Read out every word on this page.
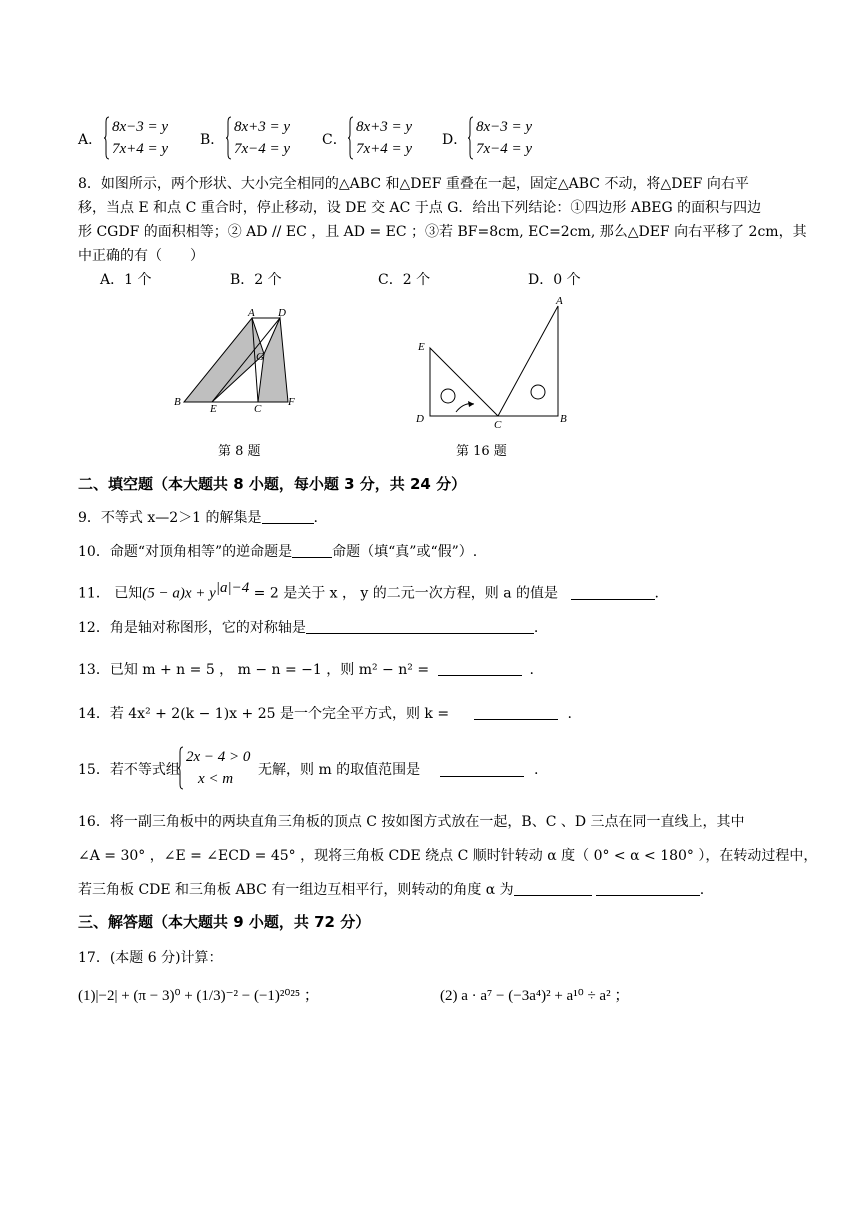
A．
8x−3 = y
7x+4 = y
B．
8x+3 = y
7x−4 = y
C．
8x+3 = y
7x+4 = y
D．
8x−3 = y
7x−4 = y
8．如图所示，两个形状、大小完全相同的△ABC 和△DEF 重叠在一起，固定△ABC 不动，将△DEF 向右平
移，当点 E 和点 C 重合时，停止移动，设 DE 交 AC 于点 G．给出下列结论：①四边形 ABEG 的面积与四边
形 CGDF 的面积相等；② AD // EC ，且 AD = EC ；③若 BF=8cm, EC=2cm, 那么△DEF 向右平移了 2cm，其
中正确的有（　　）
A．1 个	B．2 个	C．2 个	D．0 个
A D
G
B
E	C
F
第 8 题
E
A
D	C	B
第 16 题
二、填空题（本大题共 8 小题，每小题 3 分，共 24 分）
9．不等式 x—2＞1 的解集是	.
10．命题“对顶角相等”的逆命题是	命题（填“真”或“假”）.
11． 已知$(5 - a)x + y^{|a|-4} = 2$ 是关于 x ， y 的二元一次方程，则 a 的值是	.
12．角是轴对称图形，它的对称轴是	.
13．已知 m + n = 5 ， m − n = −1 ，则 m² − n² =	.
14．若 4x² + 2(k − 1)x + 25 是一个完全平方式，则 k =	.
15．若不等式组
2x − 4 > 0
x < m
无解，则 m 的取值范围是	.
16．将一副三角板中的两块直角三角板的顶点 C 按如图方式放在一起，B、C 、D 三点在同一直线上，其中
∠A = 30° ，∠E = ∠ECD = 45° ，现将三角板 CDE 绕点 C 顺时针转动 α 度（ 0° < α < 180° ），在转动过程中，
若三角板 CDE 和三角板 ABC 有一组边互相平行，则转动的角度 α 为	.
三、解答题（本大题共 9 小题，共 72 分）
17．(本题 6 分)计算：
(1)|−2| + (π − 3)⁰ + (1/3)⁻² − (−1)²⁰²⁵ ；	(2) a · a⁷ − (−3a⁴)² + a¹⁰ ÷ a² ；
